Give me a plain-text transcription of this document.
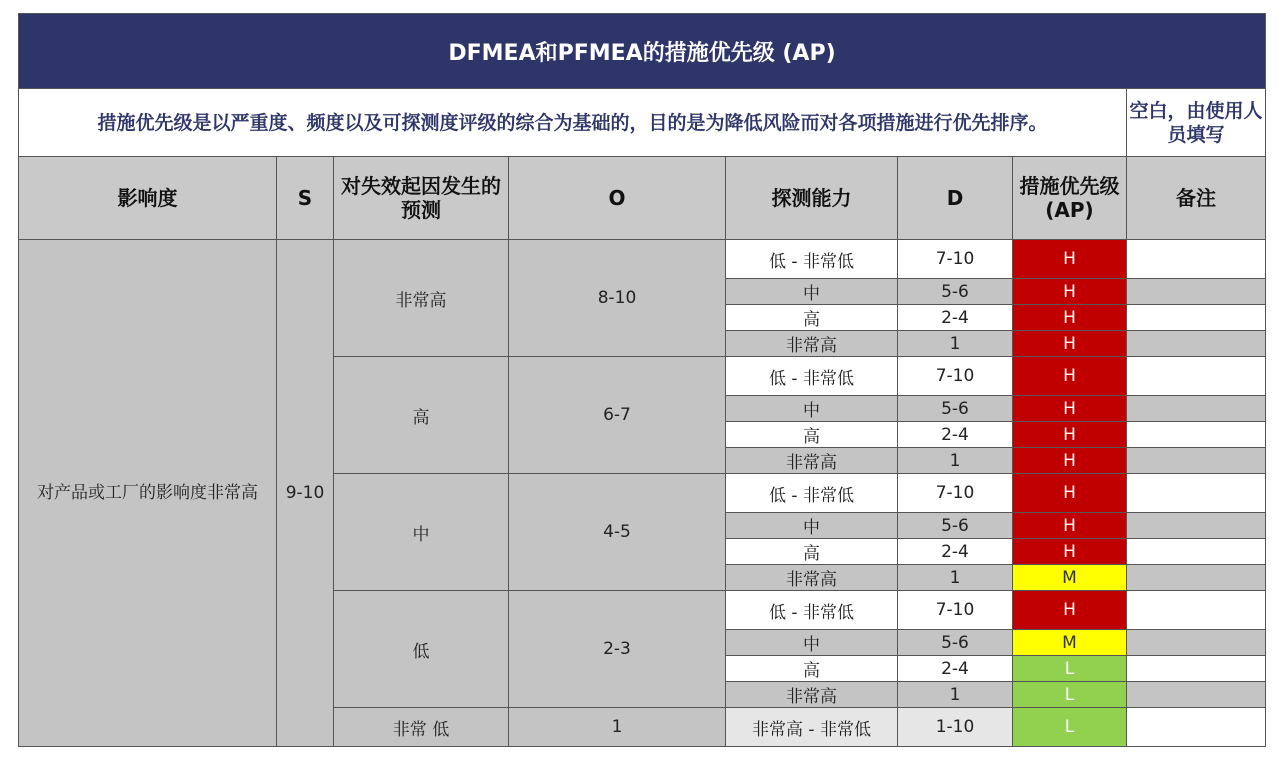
DFMEA和PFMEA的措施优先级 (AP)							
措施优先级是以严重度、频度以及可探测度评级的综合为基础的，目的是为降低风险而对各项措施进行优先排序。							空白，由使用人员填写
影响度	S	对失效起因发生的预测	O	探测能力	D	措施优先级 (AP)	备注
对产品或工厂的影响度非常高	9-10	非常高	8-10	低 - 非常低	7-10	H	
				中	5-6	H	
				高	2-4	H	
				非常高	1	H	
		高	6-7	低 - 非常低	7-10	H	
				中	5-6	H	
				高	2-4	H	
				非常高	1	H	
		中	4-5	低 - 非常低	7-10	H	
				中	5-6	H	
				高	2-4	H	
				非常高	1	M	
		低	2-3	低 - 非常低	7-10	H	
				中	5-6	M	
				高	2-4	L	
				非常高	1	L	
		非常 低	1	非常高 - 非常低	1-10	L	
